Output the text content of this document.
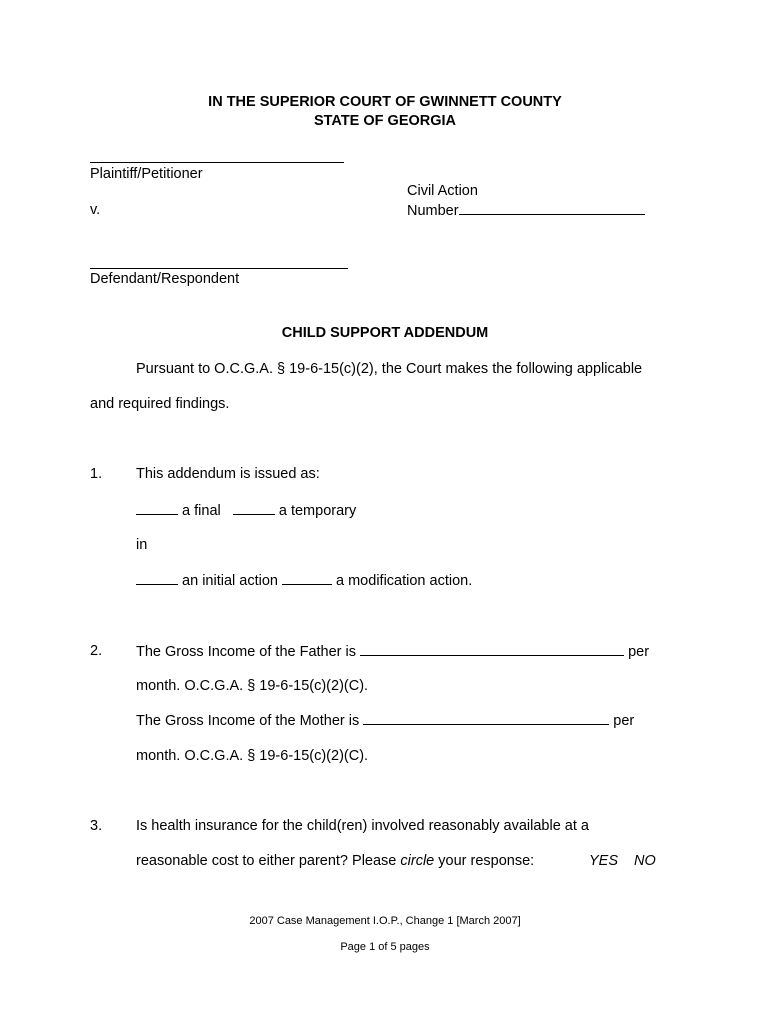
IN THE SUPERIOR COURT OF GWINNETT COUNTY
STATE OF GEORGIA
Plaintiff/Petitioner
Civil Action
v.	Number
Defendant/Respondent
CHILD SUPPORT ADDENDUM
Pursuant to O.C.G.A. § 19-6-15(c)(2), the Court makes the following applicable
and required findings.
1. This addendum is issued as:
a final	a temporary
in
an initial action	a modification action.
2. The Gross Income of the Father is	per
month. O.C.G.A. § 19-6-15(c)(2)(C).
The Gross Income of the Mother is	per
month. O.C.G.A. § 19-6-15(c)(2)(C).
3. Is health insurance for the child(ren) involved reasonably available at a
reasonable cost to either parent? Please circle your response:	YES NO
2007 Case Management I.O.P., Change 1 [March 2007]
Page 1 of 5 pages
